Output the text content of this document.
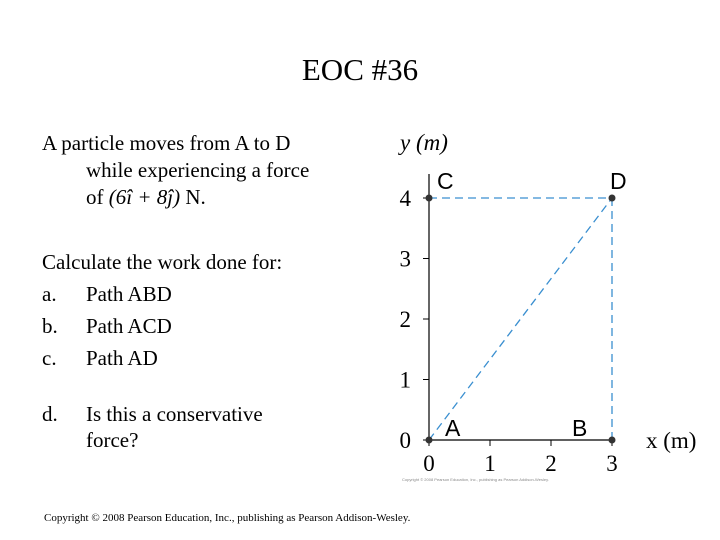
EOC #36
A particle moves from A to D
while experiencing a force
of (6î + 8ĵ) N.
Calculate the work done for:
a.	Path ABD
b.	Path ACD
c.	Path AD
d.	Is this a conservative
force?
0 1 2 3
0
1
2
3
4
y (m)
x (m)
A	B
C	D
Copyright © 2008 Pearson Education, Inc., publishing as Pearson Addison-Wesley.
Copyright © 2008 Pearson Education, Inc., publishing as Pearson Addison-Wesley.
